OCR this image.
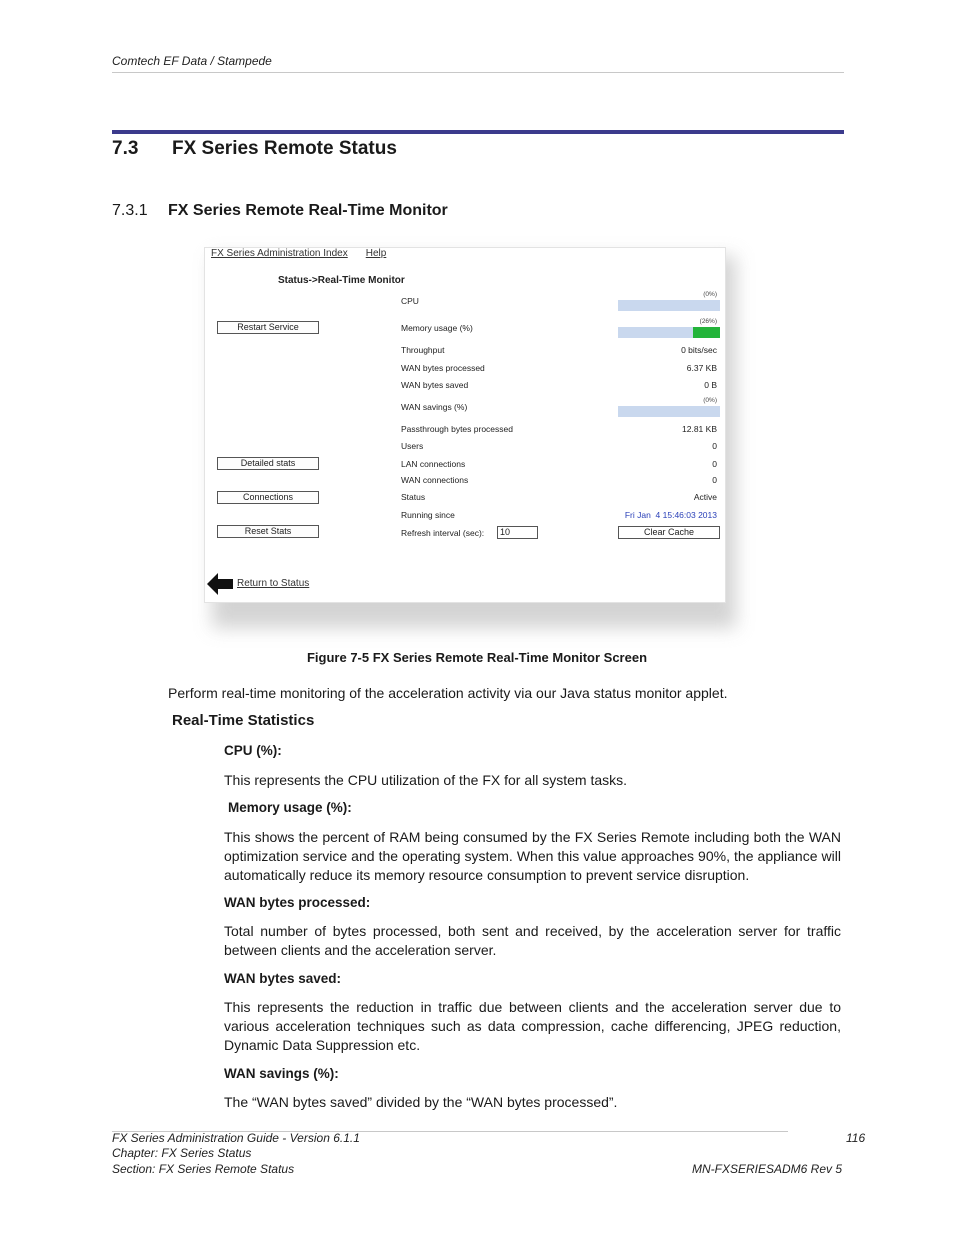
Comtech EF Data / Stampede
7.3 FX Series Remote Status
7.3.1 FX Series Remote Real-Time Monitor
FX Series Administration Index Help
Status->Real-Time Monitor
Restart Service
Detailed stats
Connections
Reset Stats
CPU
(0%)
Memory usage (%)
(26%)
Throughput	0 bits/sec
WAN bytes processed	6.37 KB
WAN bytes saved	0 B
WAN savings (%)
(0%)
Passthrough bytes processed	12.81 KB
Users	0
LAN connections	0
WAN connections	0
Status	Active
Running since	Fri Jan  4 15:46:03 2013
Refresh interval (sec):	10	Clear Cache
Return to Status
Figure 7-5 FX Series Remote Real-Time Monitor Screen
Perform real-time monitoring of the acceleration activity via our Java status monitor applet.
Real-Time Statistics
CPU (%):
This represents the CPU utilization of the FX for all system tasks.
Memory usage (%):
This shows the percent of RAM being consumed by the FX Series Remote including both the WAN optimization service and the operating system. When this value approaches 90%, the appliance will automatically reduce its memory resource consumption to prevent service disruption.
WAN bytes processed:
Total number of bytes processed, both sent and received, by the acceleration server for traffic between clients and the acceleration server.
WAN bytes saved:
This represents the reduction in traffic due between clients and the acceleration server due to various acceleration techniques such as data compression, cache differencing, JPEG reduction, Dynamic Data Suppression etc.
WAN savings (%):
The “WAN bytes saved” divided by the “WAN bytes processed”.
FX Series Administration Guide - Version 6.1.1
Chapter: FX Series Status
Section: FX Series Remote Status
116
MN-FXSERIESADM6 Rev 5
